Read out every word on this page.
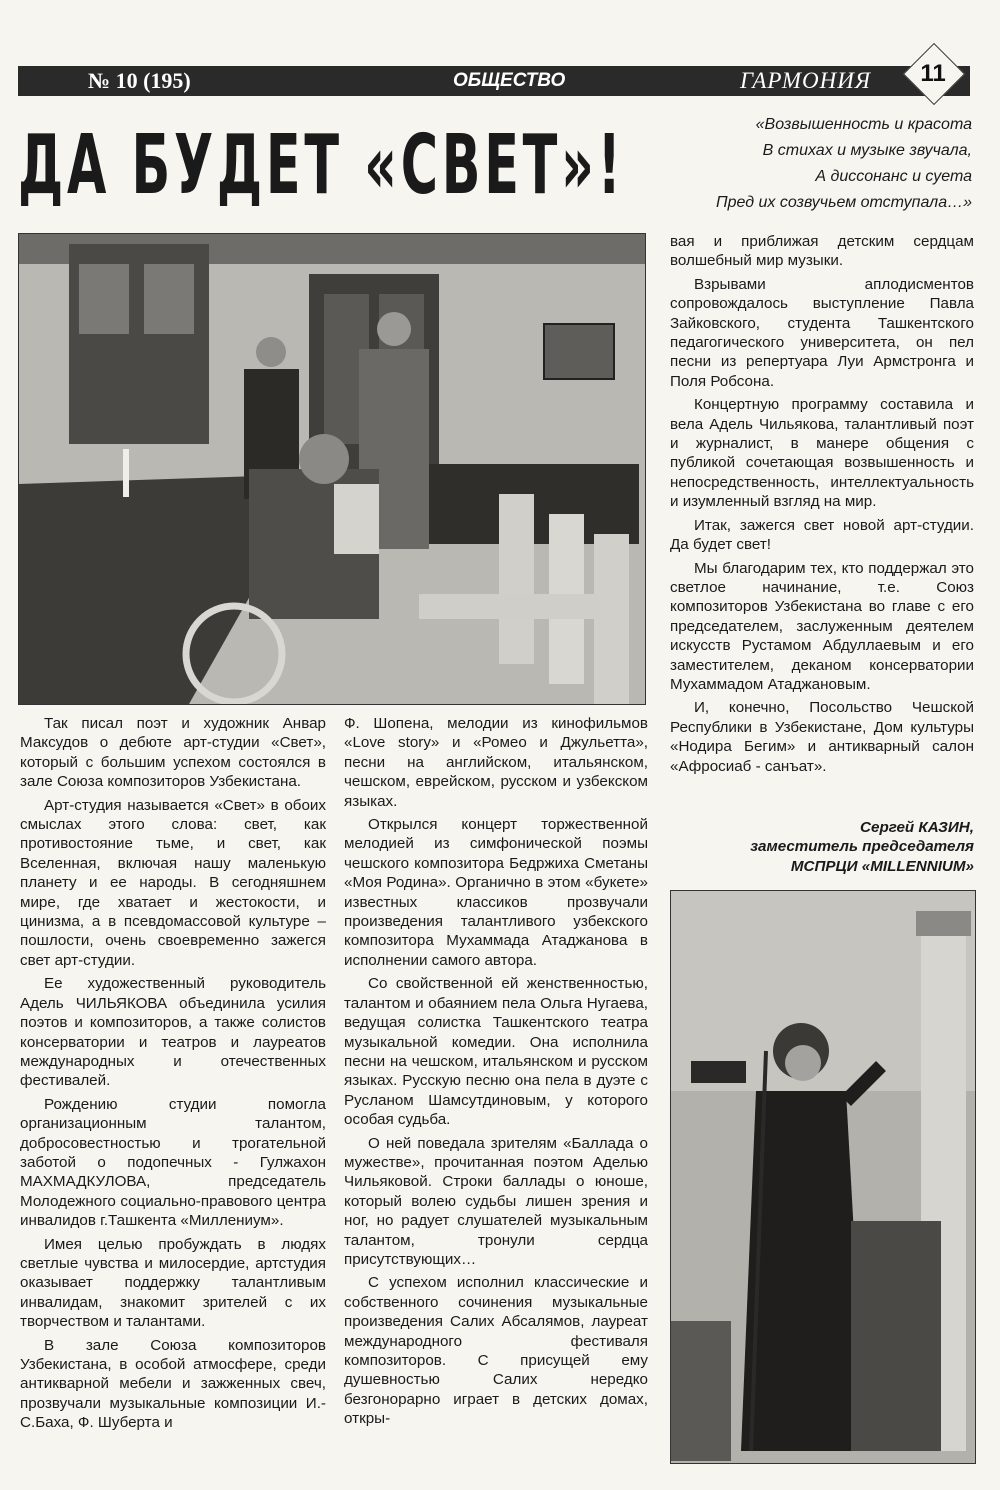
№ 10 (195)	ОБЩЕСТВО	ГАРМОНИЯ	11
ДА БУДЕТ «СВЕТ»!	«Возвышенность и красота
В стихах и музыке звучала,
А диссонанс и суета
Пред их созвучьем отступала…»

Так писал поэт и художник Анвар Максудов о дебюте арт-студии «Свет», который с большим успехом состоялся в зале Союза композиторов Узбекистана.

Арт-студия называется «Свет» в обоих смыслах этого слова: свет, как противостояние тьме, и свет, как Вселенная, включая нашу маленькую планету и ее народы. В сегодняшнем мире, где хватает и жестокости, и цинизма, а в псевдомассовой культуре – пошлости, очень своевременно зажегся свет арт-студии.

Ее художественный руководитель Адель ЧИЛЬЯКОВА объединила усилия поэтов и композиторов, а также солистов консерватории и театров и лауреатов международных и отечественных фестивалей.

Рождению студии помогла организационным талантом, добросовестностью и трогательной заботой о подопечных - Гулжахон МАХМАДКУЛОВА, председатель Молодежного социально-правового центра инвалидов г.Ташкента «Миллениум».

Имея целью пробуждать в людях светлые чувства и милосердие, артстудия оказывает поддержку талантливым инвалидам, знакомит зрителей с их творчеством и талантами.

В зале Союза композиторов Узбекистана, в особой атмосфере, среди антикварной мебели и зажженных свеч, прозвучали музыкальные композиции И.-С.Баха, Ф. Шуберта и

Ф. Шопена, мелодии из кинофильмов «Love story» и «Ромео и Джульетта», песни на английском, итальянском, чешском, еврейском, русском и узбекском языках.

Открылся концерт торжественной мелодией из симфонической поэмы чешского композитора Бедржиха Сметаны «Моя Родина». Органично в этом «букете» известных классиков прозвучали произведения талантливого узбекского композитора Мухаммада Атаджанова в исполнении самого автора.

Со свойственной ей женственностью, талантом и обаянием пела Ольга Нугаева, ведущая солистка Ташкентского театра музыкальной комедии. Она исполнила песни на чешском, итальянском и русском языках. Русскую песню она пела в дуэте с Русланом Шамсутдиновым, у которого особая судьба.

О ней поведала зрителям «Баллада о мужестве», прочитанная поэтом Аделью Чильяковой. Строки баллады о юноше, который волею судьбы лишен зрения и ног, но радует слушателей музыкальным талантом, тронули сердца присутствующих…

С успехом исполнил классические и собственного сочинения музыкальные произведения Салих Абсалямов, лауреат международного фестиваля композиторов. С присущей ему душевностью Салих нередко безгонорарно играет в детских домах, откры-

вая и приближая детским сердцам волшебный мир музыки.

Взрывами аплодисментов сопровождалось выступление Павла Зайковского, студента Ташкентского педагогического университета, он пел песни из репертуара Луи Армстронга и Поля Робсона.

Концертную программу составила и вела Адель Чильякова, талантливый поэт и журналист, в манере общения с публикой сочетающая возвышенность и непосредственность, интеллектуальность и изумленный взгляд на мир.

Итак, зажегся свет новой арт-студии. Да будет свет!

Мы благодарим тех, кто поддержал это светлое начинание, т.е. Союз композиторов Узбекистана во главе с его председателем, заслуженным деятелем искусств Рустамом Абдуллаевым и его заместителем, деканом консерватории Мухаммадом Атаджановым.

И, конечно, Посольство Чешской Республики в Узбекистане, Дом культуры «Нодира Бегим» и антикварный салон «Афросиаб - санъат».

Сергей КАЗИН,
заместитель председателя
МСПРЦИ «MILLENNIUM»
